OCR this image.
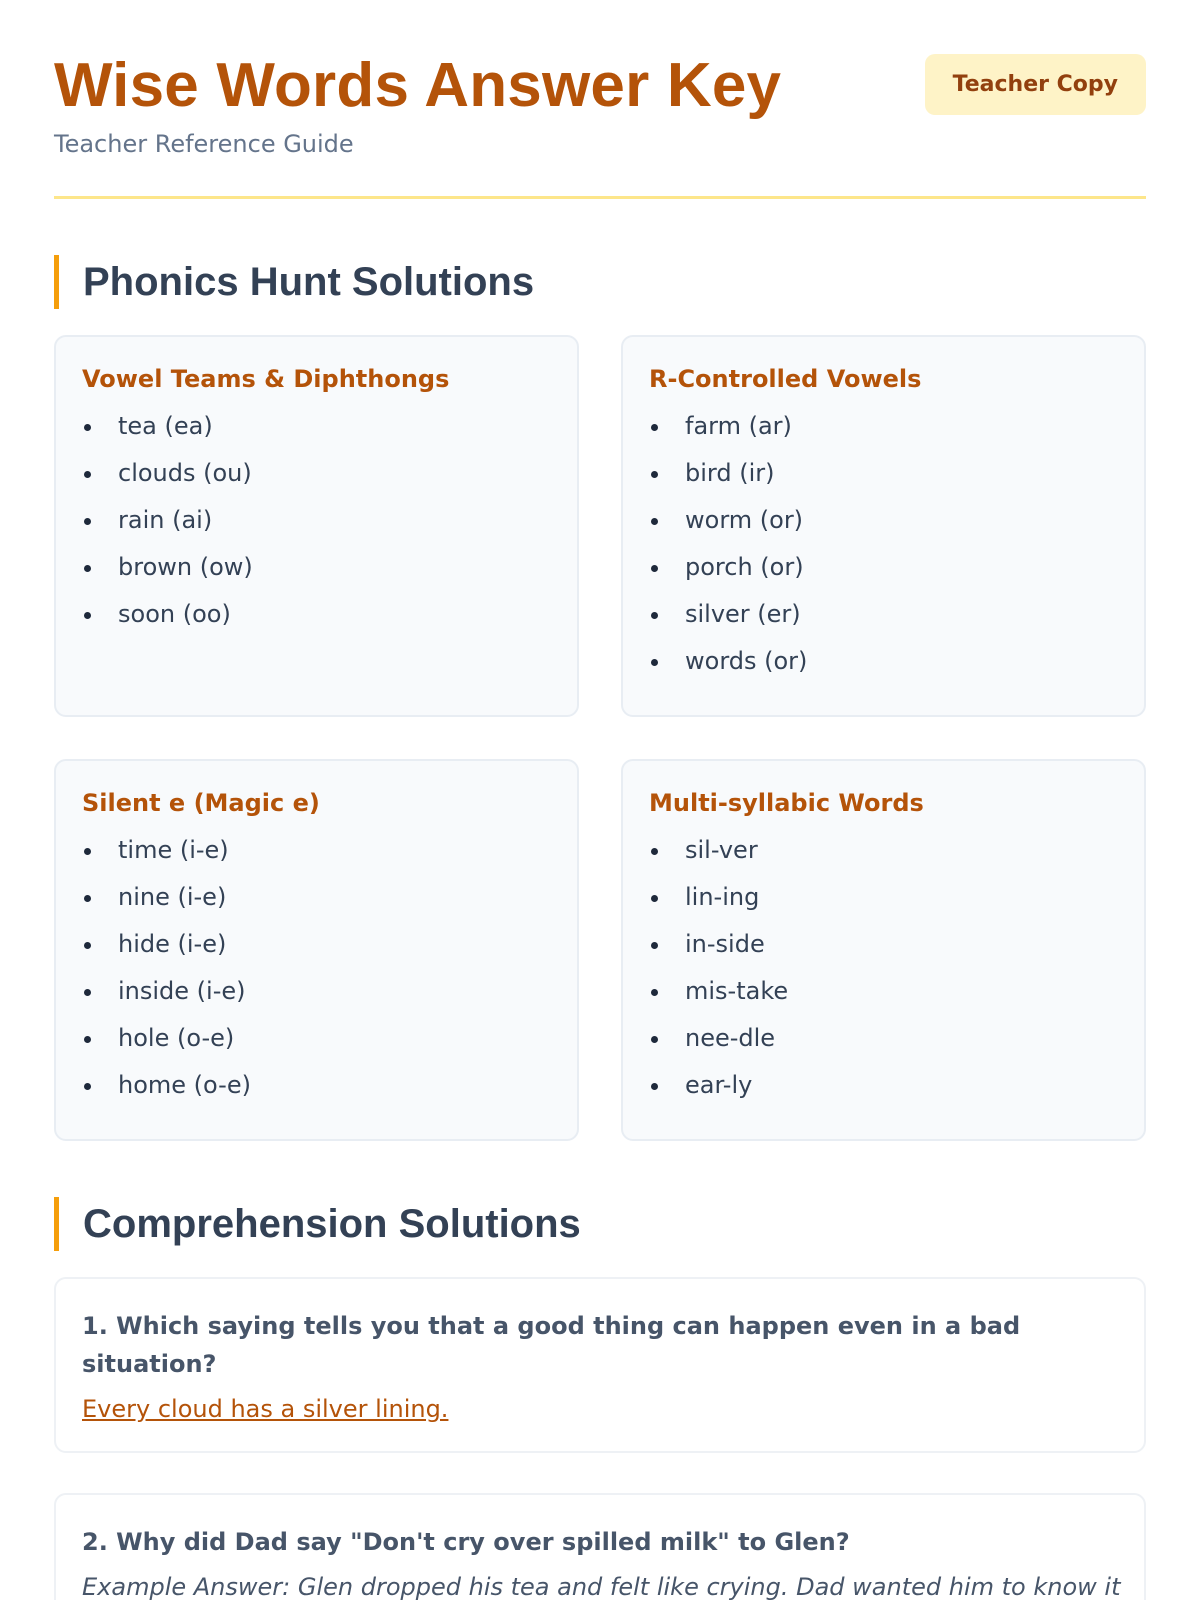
Wise Words Answer Key

Teacher Reference Guide

Teacher Copy
Phonics Hunt Solutions
Vowel Teams & Diphthongs
tea (ea)
clouds (ou)
rain (ai)
brown (ow)
soon (oo)
R-Controlled Vowels
farm (ar)
bird (ir)
worm (or)
porch (or)
silver (er)
words (or)
Silent e (Magic e)
time (i-e)
nine (i-e)
hide (i-e)
inside (i-e)
hole (o-e)
home (o-e)
Multi-syllabic Words
sil-ver
lin-ing
in-side
mis-take
nee-dle
ear-ly
Comprehension Solutions

1. Which saying tells you that a good thing can happen even in a bad situation?

Every cloud has a silver lining.

2. Why did Dad say "Don't cry over spilled milk" to Glen?

Example Answer: Glen dropped his tea and felt like crying. Dad wanted him to know it
